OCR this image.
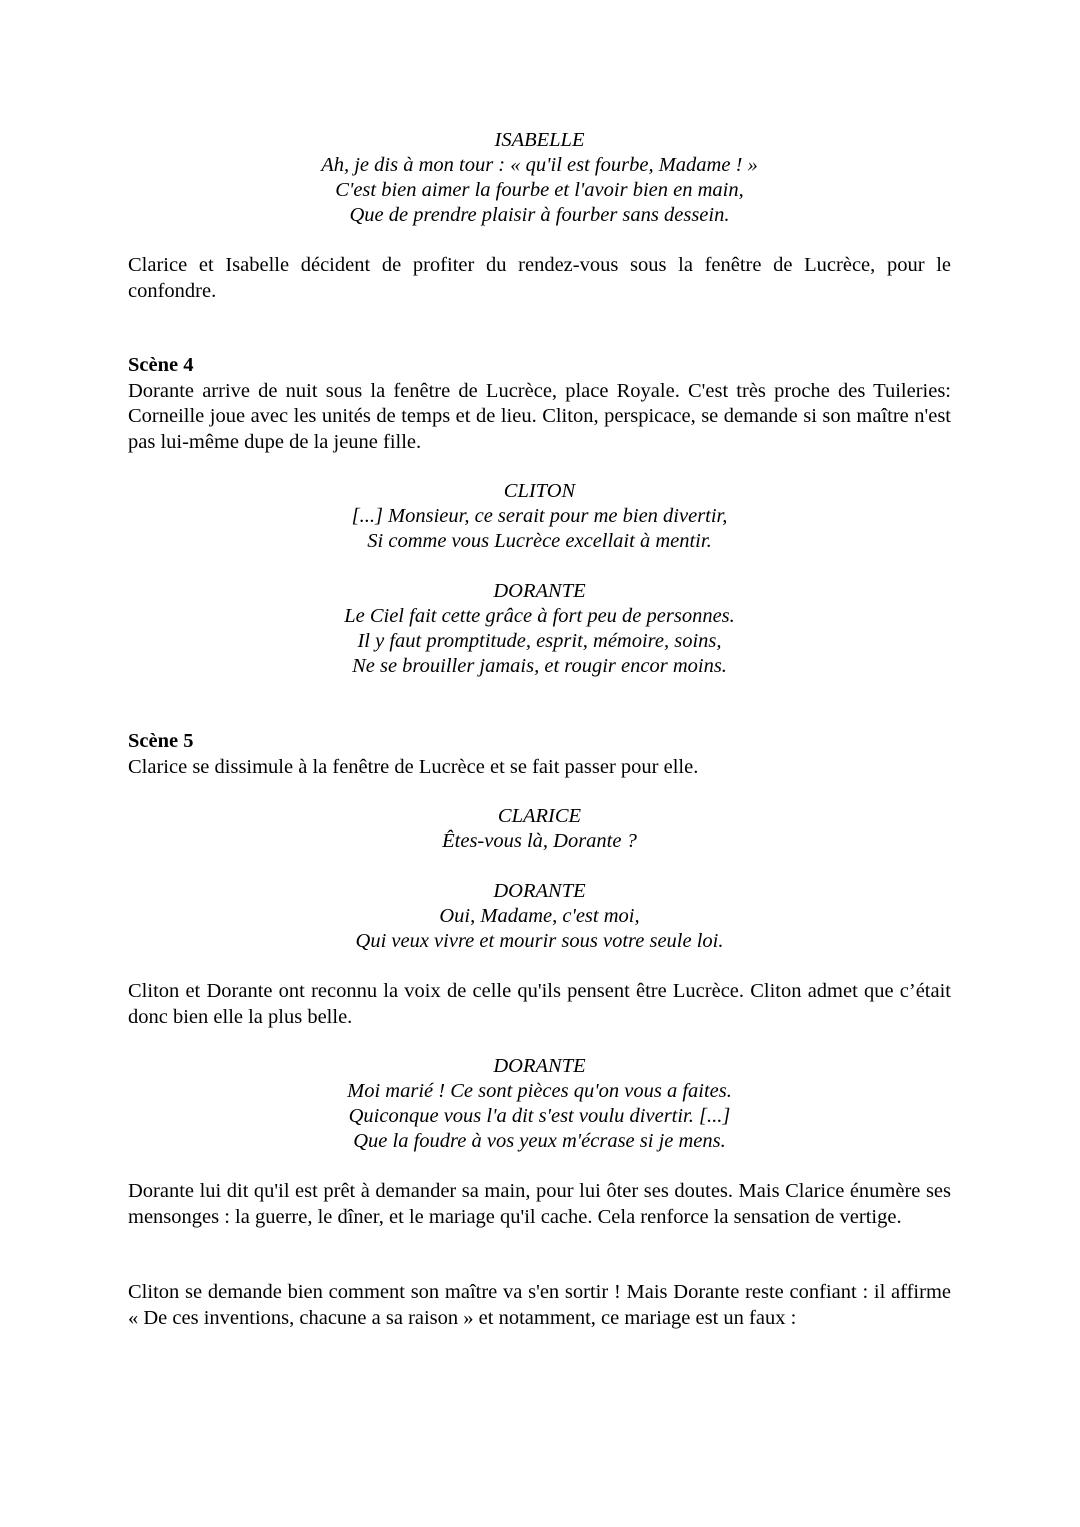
ISABELLE
Ah, je dis à mon tour : « qu'il est fourbe, Madame ! »
C'est bien aimer la fourbe et l'avoir bien en main,
Que de prendre plaisir à fourber sans dessein.

Clarice et Isabelle décident de profiter du rendez-vous sous la fenêtre de Lucrèce, pour le confondre.

Scène 4

Dorante arrive de nuit sous la fenêtre de Lucrèce, place Royale. C'est très proche des Tuileries: Corneille joue avec les unités de temps et de lieu. Cliton, perspicace, se demande si son maître n'est pas lui-même dupe de la jeune fille.

CLITON
[...] Monsieur, ce serait pour me bien divertir,
Si comme vous Lucrèce excellait à mentir.
DORANTE
Le Ciel fait cette grâce à fort peu de personnes.
Il y faut promptitude, esprit, mémoire, soins,
Ne se brouiller jamais, et rougir encor moins.
Scène 5

Clarice se dissimule à la fenêtre de Lucrèce et se fait passer pour elle.

CLARICE
Êtes-vous là, Dorante ?
DORANTE
Oui, Madame, c'est moi,
Qui veux vivre et mourir sous votre seule loi.

Cliton et Dorante ont reconnu la voix de celle qu'ils pensent être Lucrèce. Cliton admet que c’était donc bien elle la plus belle.

DORANTE
Moi marié ! Ce sont pièces qu'on vous a faites.
Quiconque vous l'a dit s'est voulu divertir. [...]
Que la foudre à vos yeux m'écrase si je mens.

Dorante lui dit qu'il est prêt à demander sa main, pour lui ôter ses doutes. Mais Clarice énumère ses mensonges : la guerre, le dîner, et le mariage qu'il cache. Cela renforce la sensation de vertige.

Cliton se demande bien comment son maître va s'en sortir ! Mais Dorante reste confiant : il affirme « De ces inventions, chacune a sa raison » et notamment, ce mariage est un faux :
